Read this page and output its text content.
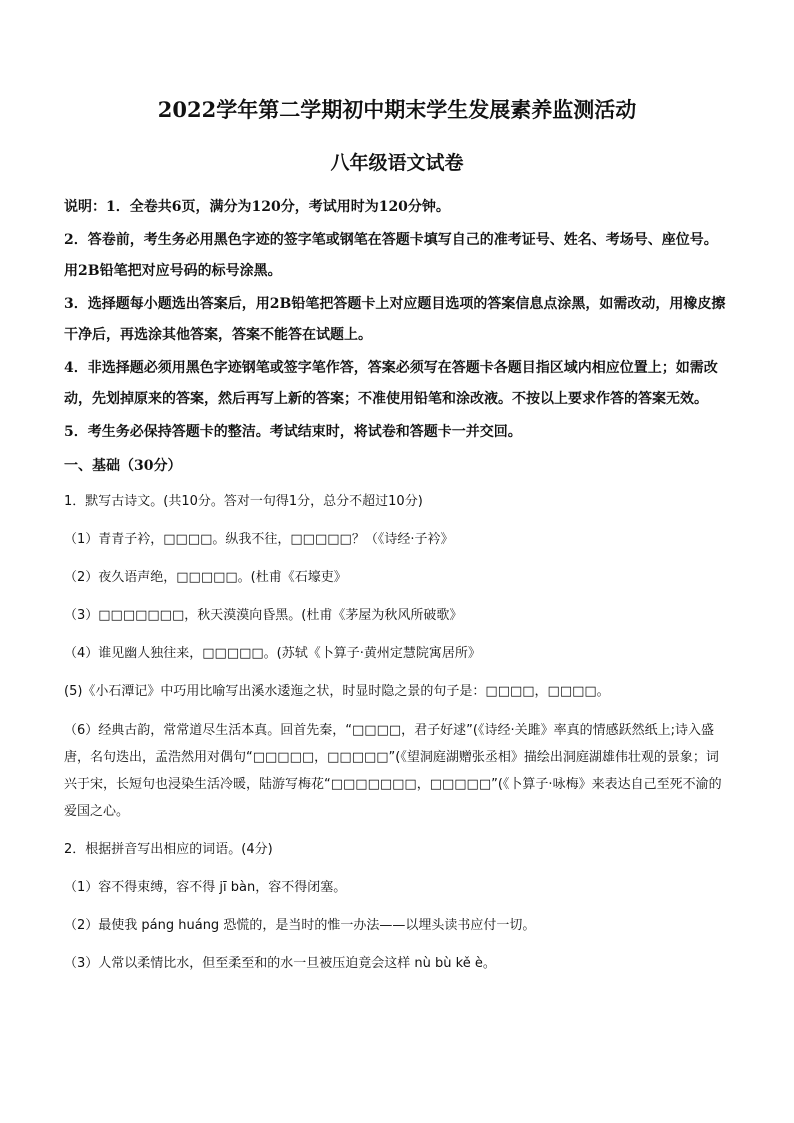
2022学年第二学期初中期末学生发展素养监测活动
八年级语文试卷

说明：1．全卷共6页，满分为120分，考试用时为120分钟。

2．答卷前，考生务必用黑色字迹的签字笔或钢笔在答题卡填写自己的准考证号、姓名、考场号、座位号。用2B铅笔把对应号码的标号涂黑。

3．选择题每小题选出答案后，用2B铅笔把答题卡上对应题目选项的答案信息点涂黑，如需改动，用橡皮擦干净后，再选涂其他答案，答案不能答在试题上。

4．非选择题必须用黑色字迹钢笔或签字笔作答，答案必须写在答题卡各题目指区域内相应位置上；如需改动，先划掉原来的答案，然后再写上新的答案；不准使用铅笔和涂改液。不按以上要求作答的答案无效。

5．考生务必保持答题卡的整洁。考试结束时，将试卷和答题卡一并交回。

一、基础（30分）

1．默写古诗文。(共10分。答对一句得1分，总分不超过10分)

（1）青青子衿，□□□□。纵我不往，□□□□□？（《诗经·子衿》

（2）夜久语声绝，□□□□□。(杜甫《石壕吏》

（3）□□□□□□□，秋天漠漠向昏黑。(杜甫《茅屋为秋风所破歌》

（4）谁见幽人独往来，□□□□□。(苏轼《卜算子·黄州定慧院寓居所》

(5)《小石潭记》中巧用比喻写出溪水逶迤之状，时显时隐之景的句子是：□□□□，□□□□。

（6）经典古韵，常常道尽生活本真。回首先秦，“□□□□，君子好逑”(《诗经·关雎》率真的情感跃然纸上;诗入盛唐，名句迭出，孟浩然用对偶句“□□□□□，□□□□□”(《望洞庭湖赠张丞相》描绘出洞庭湖雄伟壮观的景象；词兴于宋，长短句也浸染生活冷暖，陆游写梅花“□□□□□□□，□□□□□”(《卜算子·咏梅》来表达自己至死不渝的爱国之心。

2．根据拼音写出相应的词语。(4分)

（1）容不得束缚，容不得 jī bàn，容不得闭塞。

（2）最使我 páng huáng 恐慌的，是当时的惟一办法——以埋头读书应付一切。

（3）人常以柔情比水，但至柔至和的水一旦被压迫竟会这样 nù bù kě è。
